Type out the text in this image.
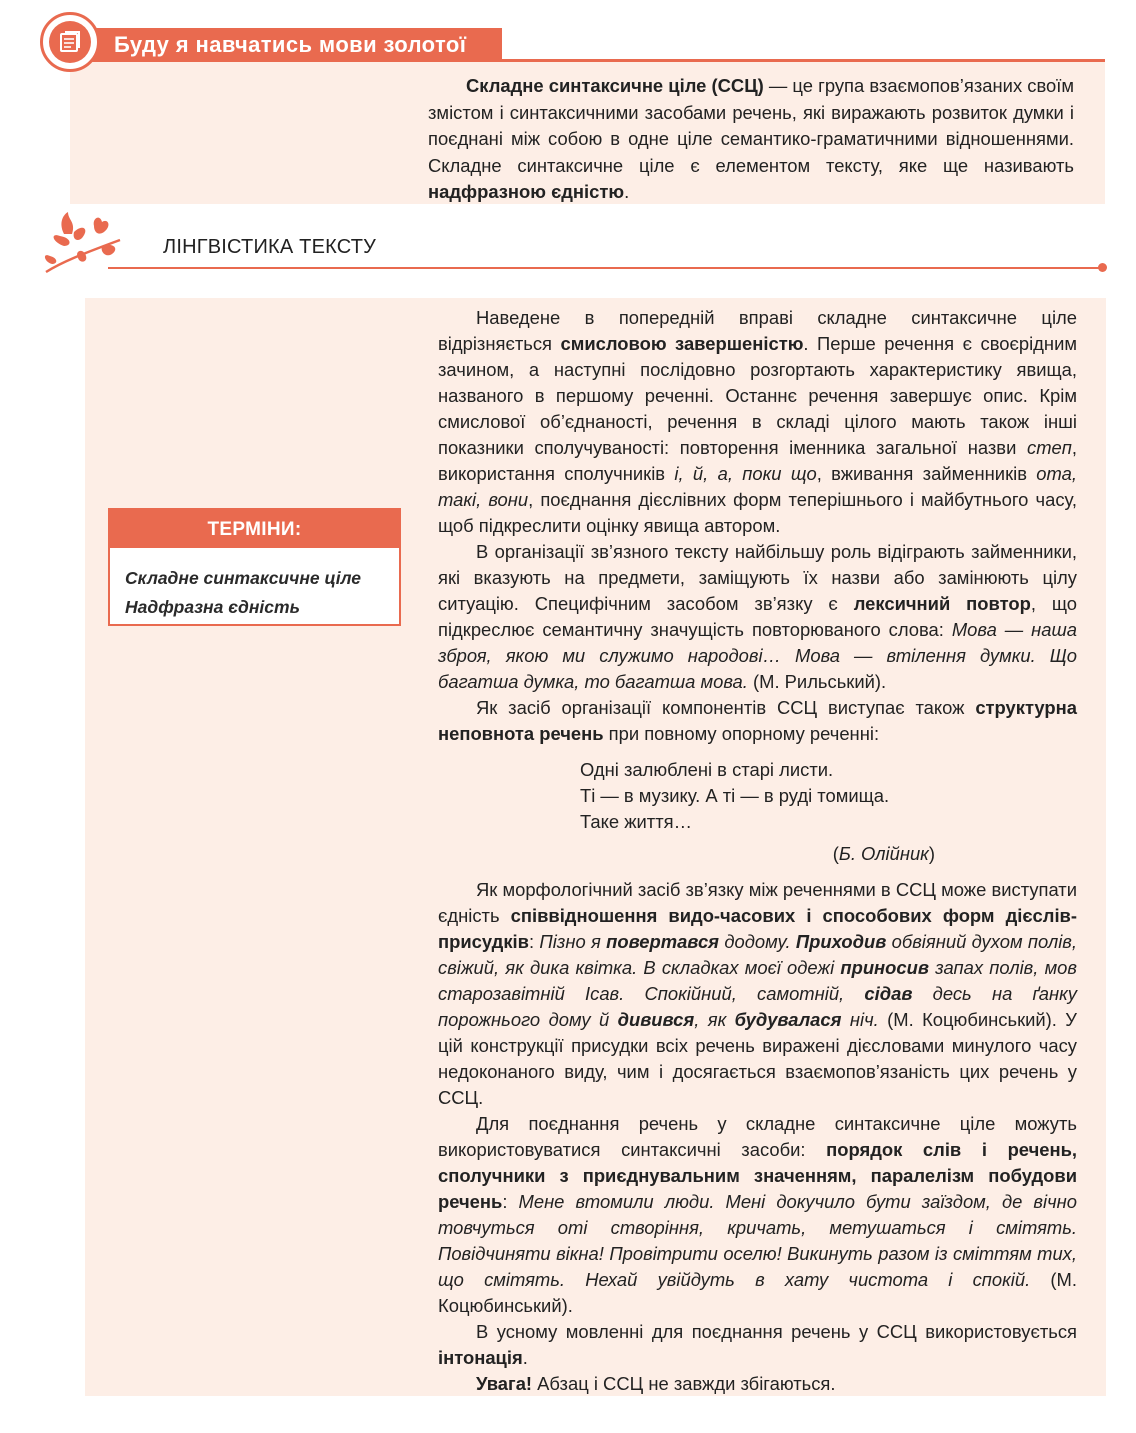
Буду я навчатись мови золотої

Складне синтаксичне ціле (ССЦ) — це група взаємопов’язаних своїм змістом і синтаксичними засобами речень, які виражають розвиток думки і поєднані між собою в одне ціле семантико-граматичними відношеннями. Складне синтаксичне ціле є елементом тексту, яке ще називають надфразною єдністю.

ЛІНГВІСТИКА ТЕКСТУ
ТЕРМІНИ:
Складне синтаксичне ціле
Надфразна єдність

Наведене в попередній вправі складне синтаксичне ціле відрізняється смисловою завершеністю. Перше речення є своєрідним зачином, а наступні послідовно розгортають характеристику явища, названого в першому реченні. Останнє речення завершує опис. Крім смислової об’єднаності, речення в складі цілого мають також інші показники сполучуваності: повторення іменника загальної назви степ, використання сполучників і, й, а, поки що, вживання займенників ота, такі, вони, поєднання дієслівних форм теперішнього і майбутнього часу, щоб підкреслити оцінку явища автором.

В організації зв’язного тексту найбільшу роль відіграють займенники, які вказують на предмети, заміщують їх назви або замінюють цілу ситуацію. Специфічним засобом зв’язку є лексичний повтор, що підкреслює семантичну значущість повторюваного слова: Мова — наша зброя, якою ми служимо народові… Мова — втілення думки. Що багатша думка, то багатша мова. (М. Рильський).

Як засіб організації компонентів ССЦ виступає також структурна неповнота речень при повному опорному реченні:

Одні залюблені в старі листи.
Ті — в музику. А ті — в руді томища.
Таке життя…
(Б. Олійник)

Як морфологічний засіб зв’язку між реченнями в ССЦ може виступати єдність співвідношення видо-часових і способових форм дієслів-присудків: Пізно я повертався додому. Приходив обвіяний духом полів, свіжий, як дика квітка. В складках моєї одежі приносив запах полів, мов старозавітній Ісав. Спокійний, самотній, сідав десь на ґанку порожнього дому й дивився, як будувалася ніч. (М. Коцюбинський). У цій конструкції присудки всіх речень виражені дієсловами минулого часу недоконаного виду, чим і досягається взаємопов’язаність цих речень у ССЦ.

Для поєднання речень у складне синтаксичне ціле можуть використовуватися синтаксичні засоби: порядок слів і речень, сполучники з приєднувальним значенням, паралелізм побудови речень: Мене втомили люди. Мені докучило бути заїздом, де вічно товчуться оті створіння, кричать, метушаться і смітять. Повідчиняти вікна! Провітрити оселю! Викинуть разом із сміттям тих, що смітять. Нехай увійдуть в хату чистота і спокій. (М. Коцюбинський).

В усному мовленні для поєднання речень у ССЦ використовується інтонація.

Увага! Абзац і ССЦ не завжди збігаються.
